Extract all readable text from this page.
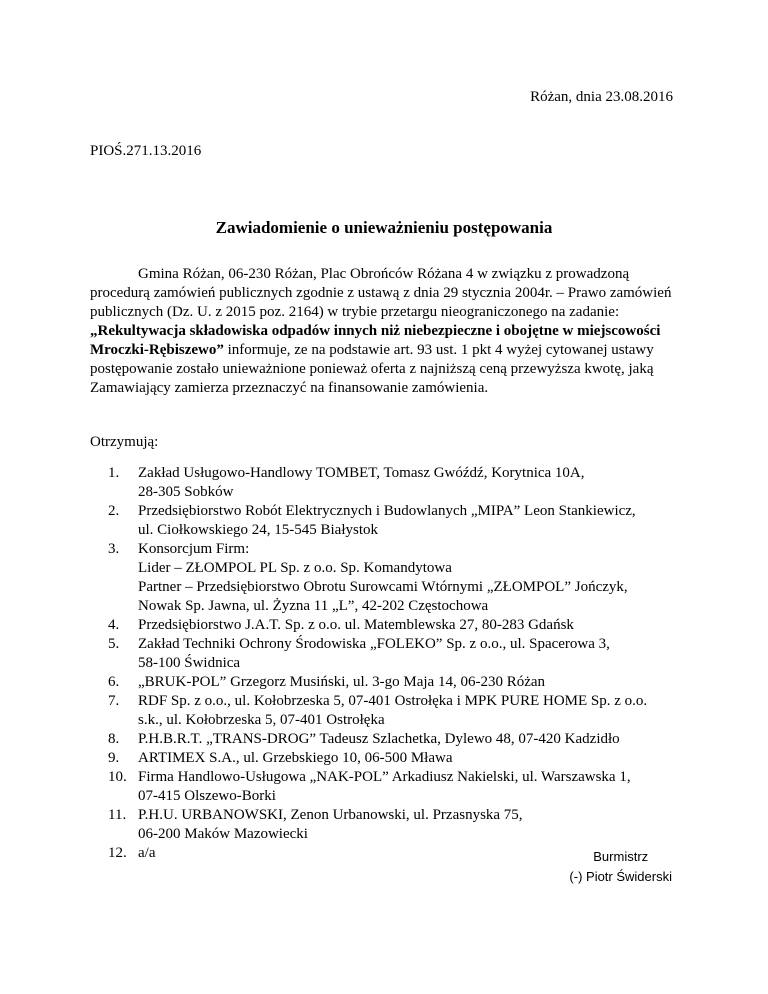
Różan, dnia 23.08.2016
PIOŚ.271.13.2016
Zawiadomienie o unieważnieniu postępowania
Gmina Różan, 06-230 Różan, Plac Obrońców Różana 4 w związku z prowadzoną procedurą zamówień publicznych zgodnie z ustawą z dnia 29 stycznia 2004r. – Prawo zamówień publicznych (Dz. U. z 2015 poz. 2164) w trybie przetargu nieograniczonego na zadanie: „Rekultywacja składowiska odpadów innych niż niebezpieczne i obojętne w miejscowości Mroczki-Rębiszewo” informuje, ze na podstawie art. 93 ust. 1 pkt 4 wyżej cytowanej ustawy postępowanie zostało unieważnione ponieważ oferta z najniższą ceną przewyższa kwotę, jaką Zamawiający zamierza przeznaczyć na finansowanie zamówienia.
Otrzymują:
1.	Zakład Usługowo-Handlowy TOMBET, Tomasz Gwóźdź, Korytnica 10A,
28-305 Sobków
2.	Przedsiębiorstwo Robót Elektrycznych i Budowlanych „MIPA” Leon Stankiewicz,
ul. Ciołkowskiego 24, 15-545 Białystok
3.	Konsorcjum Firm:
Lider – ZŁOMPOL PL Sp. z o.o. Sp. Komandytowa
Partner – Przedsiębiorstwo Obrotu Surowcami Wtórnymi „ZŁOMPOL” Jończyk,
Nowak Sp. Jawna, ul. Żyzna 11 „L”, 42-202 Częstochowa
4.	Przedsiębiorstwo J.A.T. Sp. z o.o. ul. Matemblewska 27, 80-283 Gdańsk
5.	Zakład Techniki Ochrony Środowiska „FOLEKO” Sp. z o.o., ul. Spacerowa 3,
58-100 Świdnica
6.	„BRUK-POL” Grzegorz Musiński, ul. 3-go Maja 14, 06-230 Różan
7.	RDF Sp. z o.o., ul. Kołobrzeska 5, 07-401 Ostrołęka i MPK PURE HOME Sp. z o.o.
s.k., ul. Kołobrzeska 5, 07-401 Ostrołęka
8.	P.H.B.R.T. „TRANS-DROG” Tadeusz Szlachetka, Dylewo 48, 07-420 Kadzidło
9.	ARTIMEX S.A., ul. Grzebskiego 10, 06-500 Mława
10. Firma Handlowo-Usługowa „NAK-POL” Arkadiusz Nakielski, ul. Warszawska 1,
07-415 Olszewo-Borki
11. P.H.U. URBANOWSKI, Zenon Urbanowski, ul. Przasnyska 75,
06-200 Maków Mazowiecki
12. a/a	Burmistrz
(-) Piotr Świderski
